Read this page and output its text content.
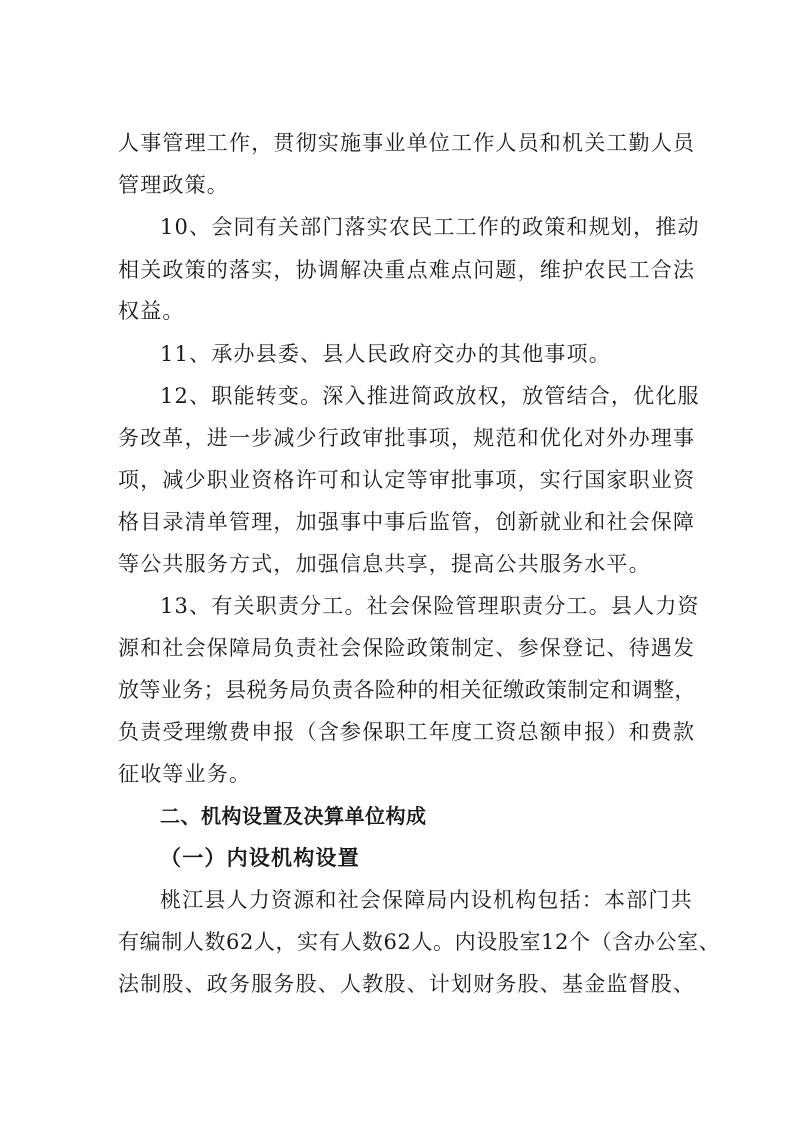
人事管理工作，贯彻实施事业单位工作人员和机关工勤人员

管理政策。

10、会同有关部门落实农民工工作的政策和规划，推动

相关政策的落实，协调解决重点难点问题，维护农民工合法

权益。

11、承办县委、县人民政府交办的其他事项。

12、职能转变。深入推进简政放权，放管结合，优化服

务改革，进一步减少行政审批事项，规范和优化对外办理事

项，减少职业资格许可和认定等审批事项，实行国家职业资

格目录清单管理，加强事中事后监管，创新就业和社会保障

等公共服务方式，加强信息共享，提高公共服务水平。

13、有关职责分工。社会保险管理职责分工。县人力资

源和社会保障局负责社会保险政策制定、参保登记、待遇发

放等业务；县税务局负责各险种的相关征缴政策制定和调整，

负责受理缴费申报（含参保职工年度工资总额申报）和费款

征收等业务。

二、机构设置及决算单位构成

（一）内设机构设置

桃江县人力资源和社会保障局内设机构包括：本部门共

有编制人数62人，实有人数62人。内设股室12个（含办公室、

法制股、政务服务股、人教股、计划财务股、基金监督股、
